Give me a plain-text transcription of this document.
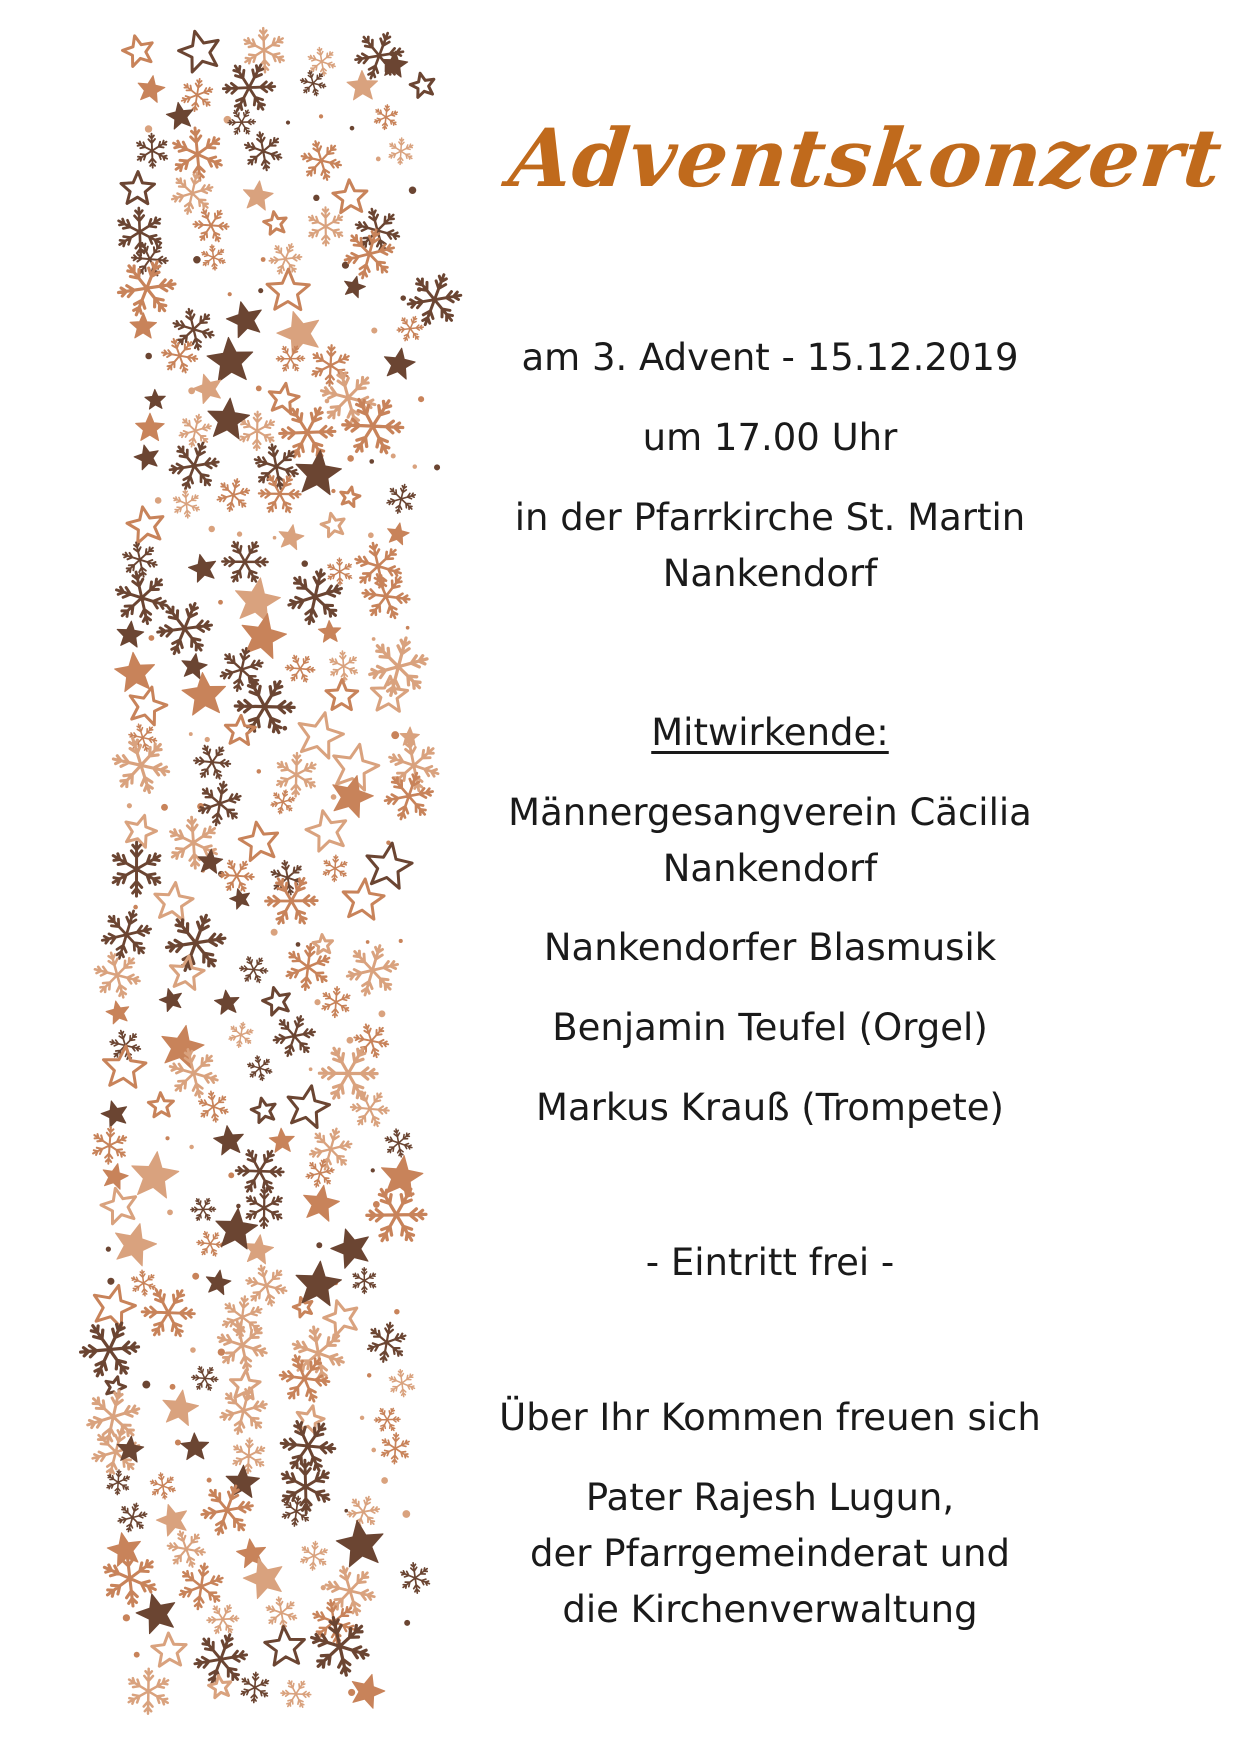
Adventskonzert
am 3. Advent - 15.12.2019
um 17.00 Uhr
in der Pfarrkirche St. Martin
Nankendorf
Mitwirkende:
Männergesangverein Cäcilia
Nankendorf
Nankendorfer Blasmusik
Benjamin Teufel (Orgel)
Markus Krauß (Trompete)
- Eintritt frei -
Über Ihr Kommen freuen sich
Pater Rajesh Lugun,
der Pfarrgemeinderat und
die Kirchenverwaltung
